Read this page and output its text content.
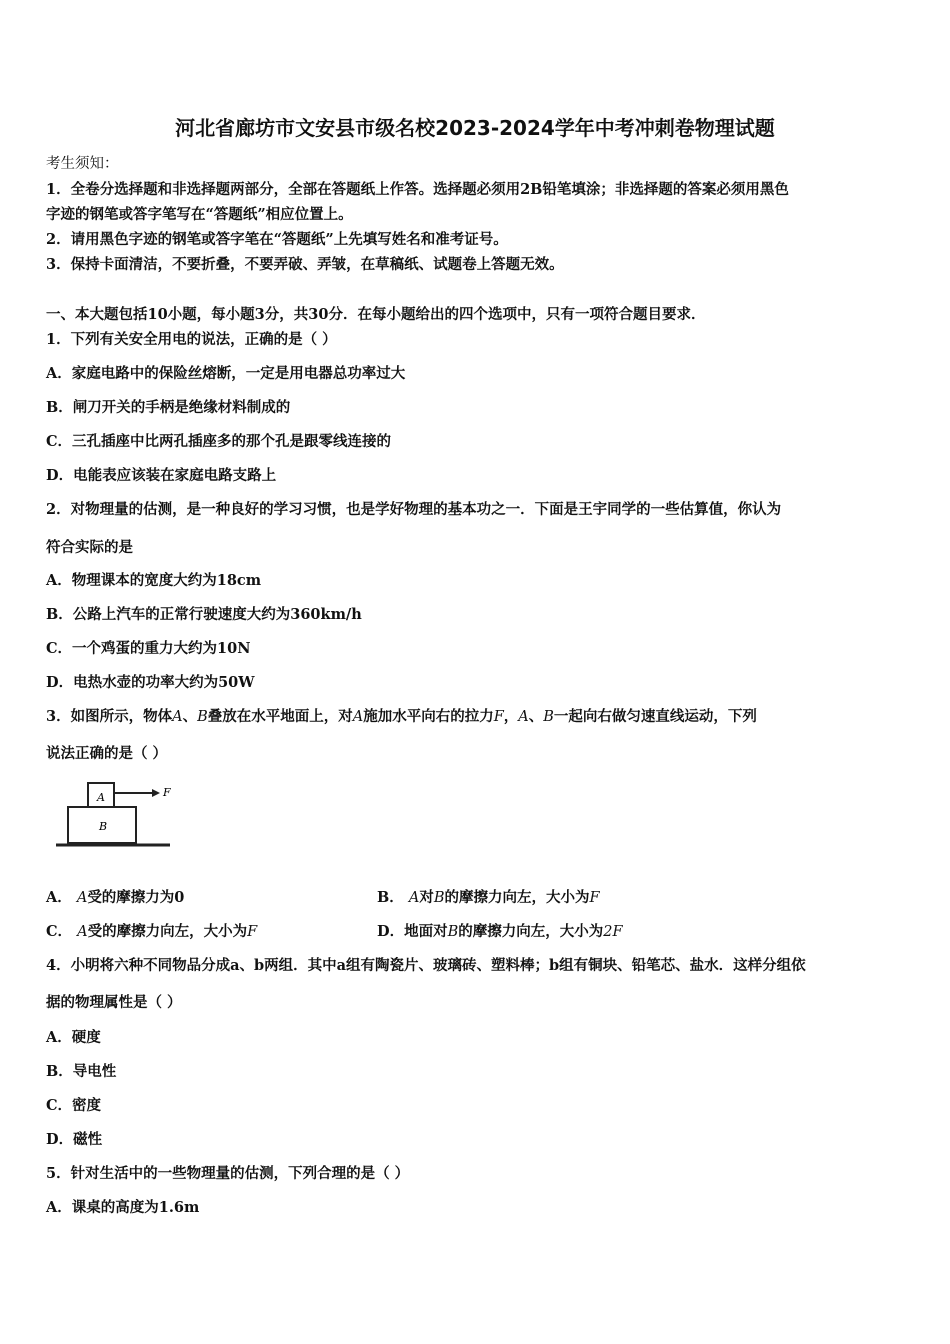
河北省廊坊市文安县市级名校2023-2024学年中考冲刺卷物理试题
考生须知：
1．全卷分选择题和非选择题两部分，全部在答题纸上作答。选择题必须用2B铅笔填涂；非选择题的答案必须用黑色
字迹的钢笔或答字笔写在“答题纸”相应位置上。
2．请用黑色字迹的钢笔或答字笔在“答题纸”上先填写姓名和准考证号。
3．保持卡面清洁，不要折叠，不要弄破、弄皱，在草稿纸、试题卷上答题无效。
一、本大题包括10小题，每小题3分，共30分．在每小题给出的四个选项中，只有一项符合题目要求．
1．下列有关安全用电的说法，正确的是（ ）
A．家庭电路中的保险丝熔断，一定是用电器总功率过大
B．闸刀开关的手柄是绝缘材料制成的
C．三孔插座中比两孔插座多的那个孔是跟零线连接的
D．电能表应该装在家庭电路支路上
2．对物理量的估测，是一种良好的学习习惯，也是学好物理的基本功之一．下面是王宇同学的一些估算值，你认为
符合实际的是
A．物理课本的宽度大约为18cm
B．公路上汽车的正常行驶速度大约为360km/h
C．一个鸡蛋的重力大约为10N
D．电热水壶的功率大约为50W
3．如图所示，物体A、B叠放在水平地面上，对A施加水平向右的拉力F，A、B一起向右做匀速直线运动，下列
说法正确的是（ ）
A
B
F
A． A受的摩擦力为0	B． A对B的摩擦力向左，大小为F
C． A受的摩擦力向左，大小为F	D．地面对B的摩擦力向左，大小为2F
4．小明将六种不同物品分成a、b两组．其中a组有陶瓷片、玻璃砖、塑料棒；b组有铜块、铅笔芯、盐水．这样分组依
据的物理属性是（ ）
A．硬度
B．导电性
C．密度
D．磁性
5．针对生活中的一些物理量的估测，下列合理的是（ ）
A．课桌的高度为1.6m
